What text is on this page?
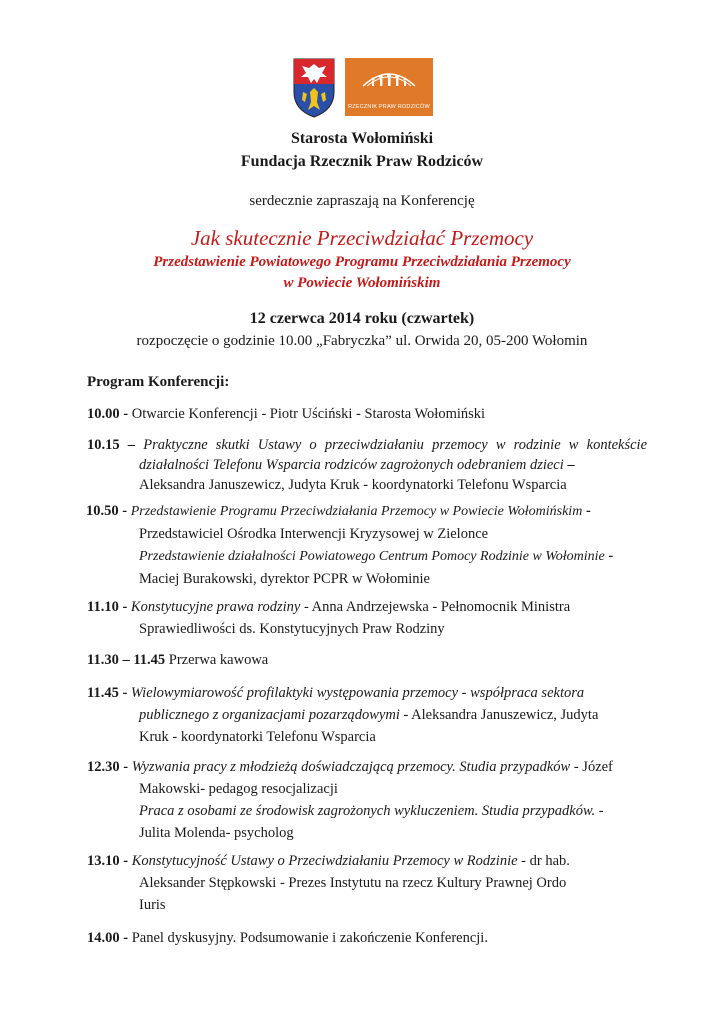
RZECZNIK PRAW RODZICÓW
Starosta Wołomiński
Fundacja Rzecznik Praw Rodziców
serdecznie zapraszają na Konferencję
Jak skutecznie Przeciwdziałać Przemocy
Przedstawienie Powiatowego Programu Przeciwdziałania Przemocy
w Powiecie Wołomińskim
12 czerwca 2014 roku (czwartek)
rozpoczęcie o godzinie 10.00 „Fabryczka” ul. Orwida 20, 05-200 Wołomin
Program Konferencji:
10.00 - Otwarcie Konferencji - Piotr Uściński - Starosta Wołomiński
10.15 – Praktyczne skutki Ustawy o przeciwdziałaniu przemocy w rodzinie w kontekście działalności Telefonu Wsparcia rodziców zagrożonych odebraniem dzieci –
Aleksandra Januszewicz, Judyta Kruk - koordynatorki Telefonu Wsparcia
10.50 - Przedstawienie Programu Przeciwdziałania Przemocy w Powiecie Wołomińskim -
Przedstawiciel Ośrodka Interwencji Kryzysowej w Zielonce
Przedstawienie działalności Powiatowego Centrum Pomocy Rodzinie w Wołominie -
Maciej Burakowski, dyrektor PCPR w Wołominie
11.10 - Konstytucyjne prawa rodziny - Anna Andrzejewska - Pełnomocnik Ministra
Sprawiedliwości ds. Konstytucyjnych Praw Rodziny
11.30 – 11.45 Przerwa kawowa
11.45 - Wielowymiarowość profilaktyki występowania przemocy - współpraca sektora
publicznego z organizacjami pozarządowymi - Aleksandra Januszewicz, Judyta
Kruk - koordynatorki Telefonu Wsparcia
12.30 - Wyzwania pracy z młodzieżą doświadczającą przemocy. Studia przypadków - Józef
Makowski- pedagog resocjalizacji
Praca z osobami ze środowisk zagrożonych wykluczeniem. Studia przypadków. -
Julita Molenda- psycholog
13.10 - Konstytucyjność Ustawy o Przeciwdziałaniu Przemocy w Rodzinie - dr hab.
Aleksander Stępkowski - Prezes Instytutu na rzecz Kultury Prawnej Ordo
Iuris
14.00 - Panel dyskusyjny. Podsumowanie i zakończenie Konferencji.
